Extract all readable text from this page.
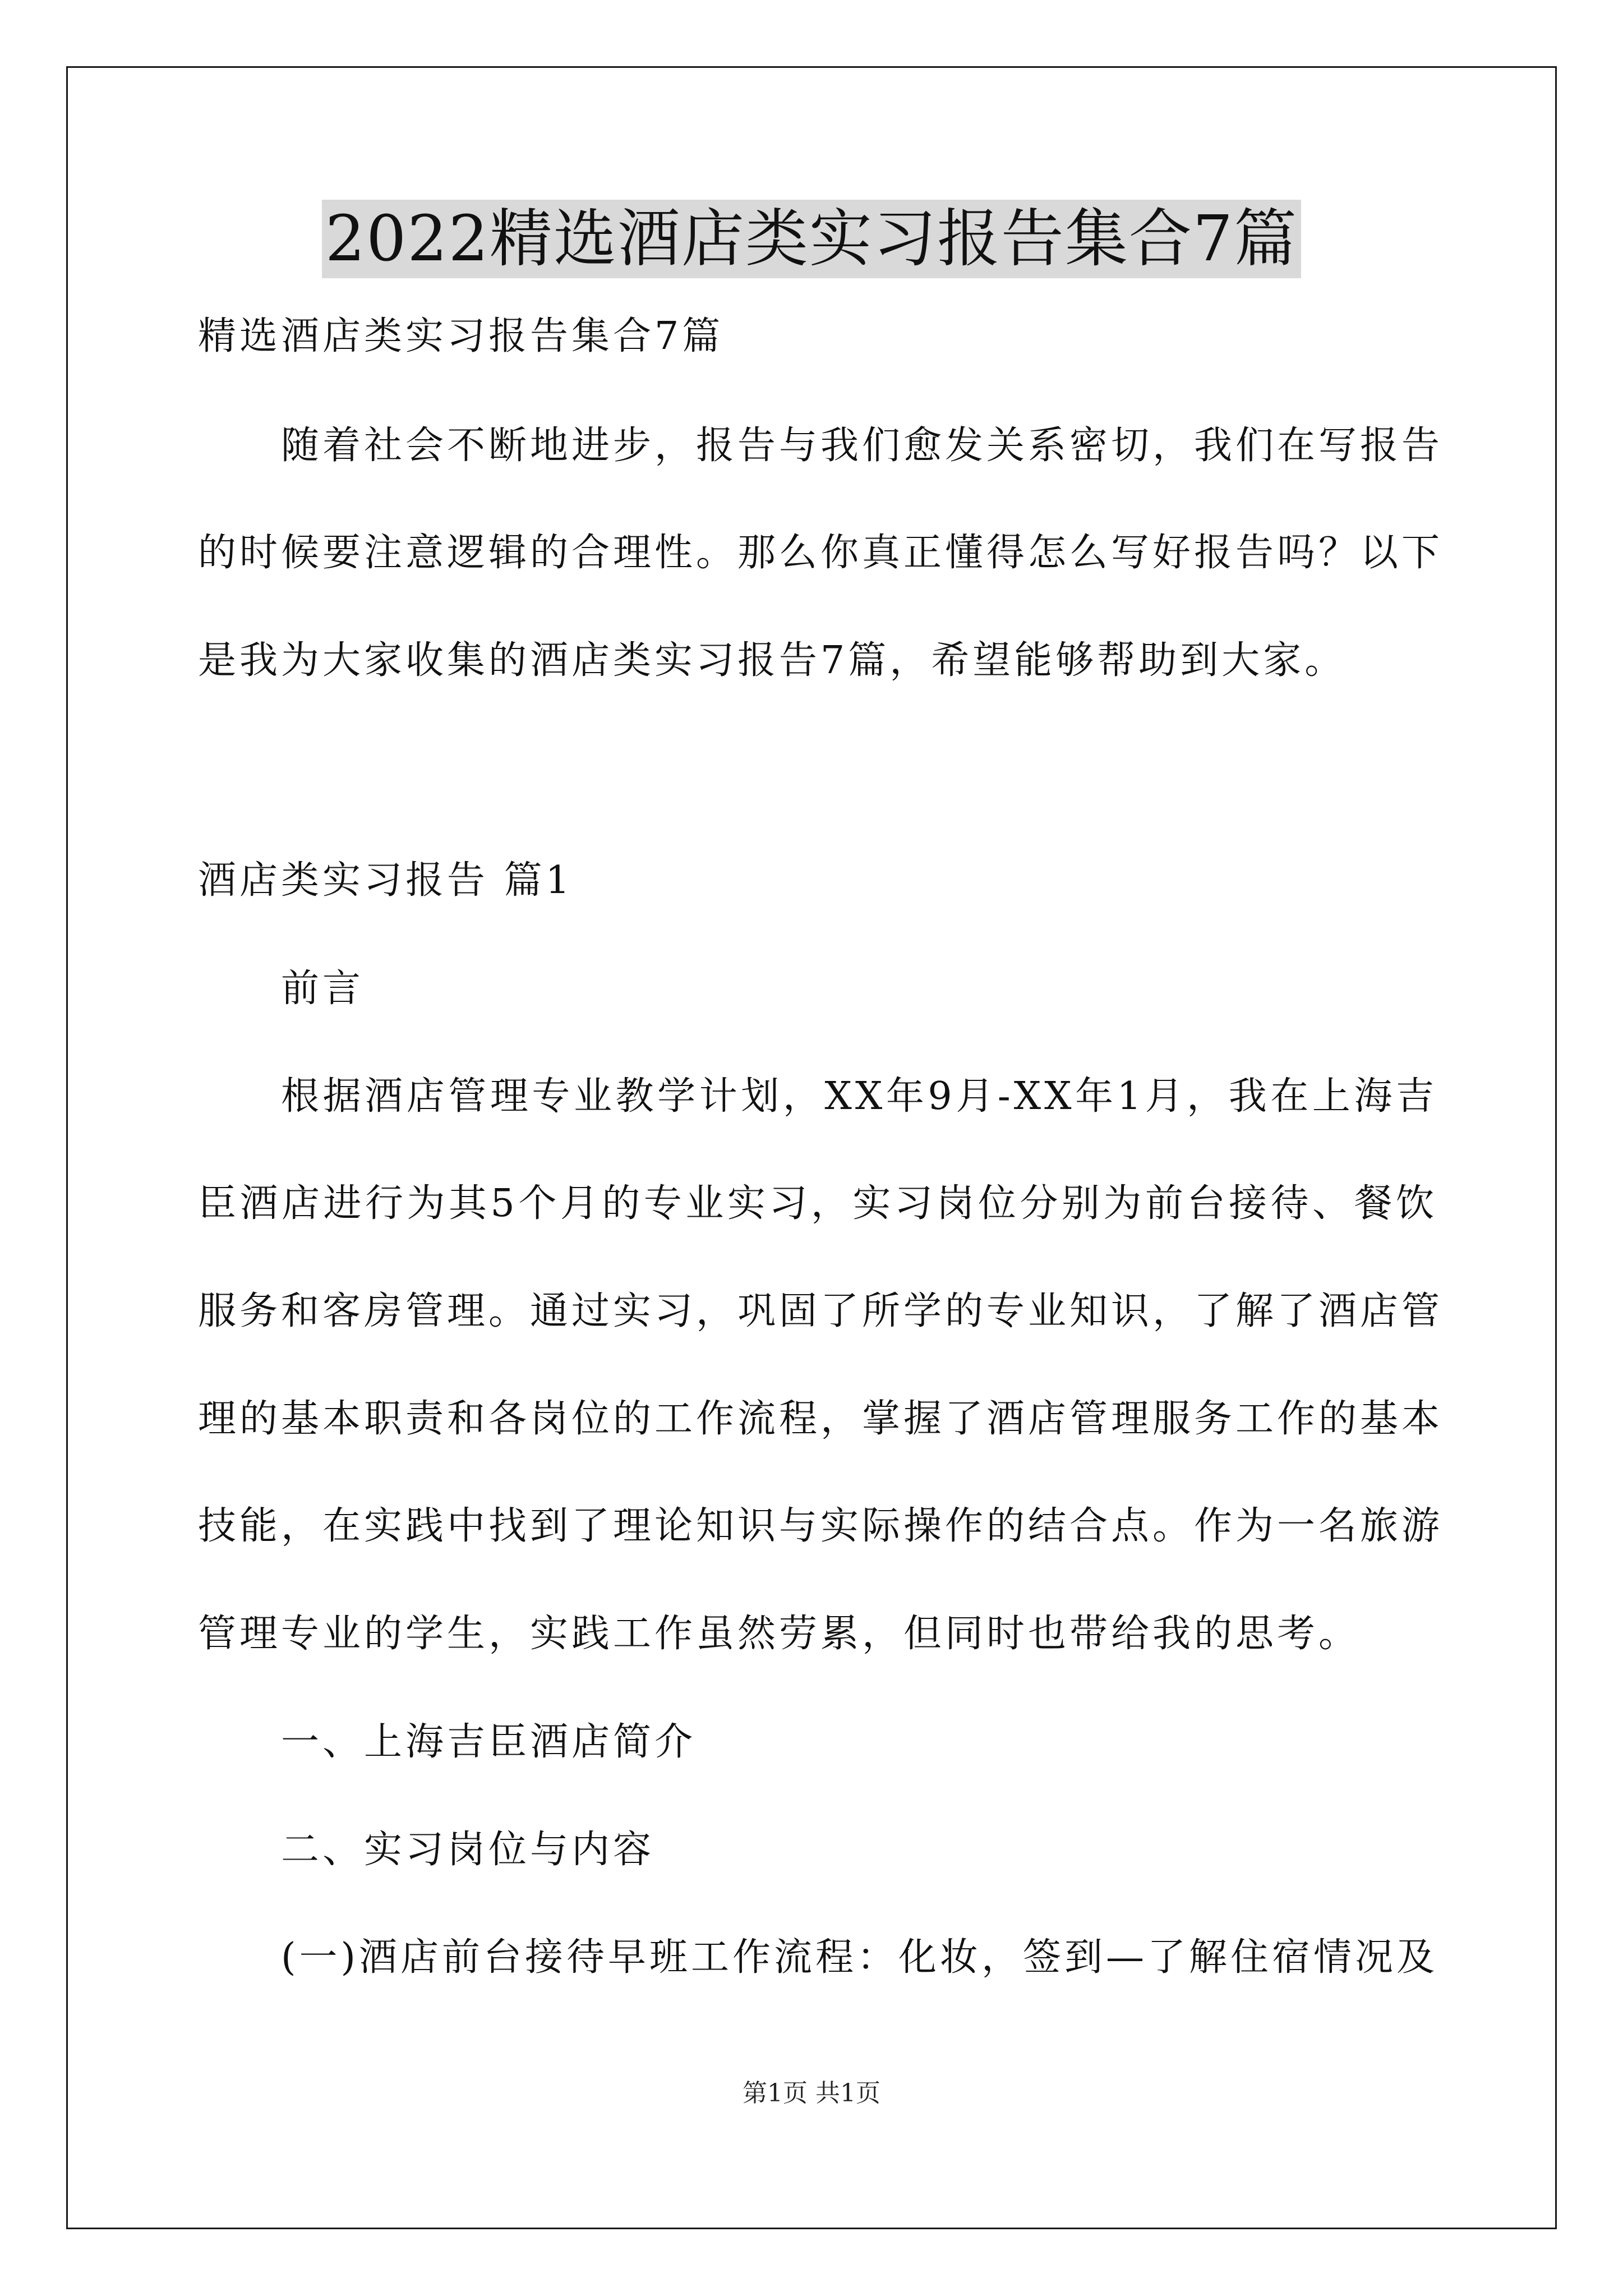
2022精选酒店类实习报告集合7篇
精选酒店类实习报告集合7篇
随着社会不断地进步，报告与我们愈发关系密切，我们在写报告
的时候要注意逻辑的合理性。那么你真正懂得怎么写好报告吗？以下
是我为大家收集的酒店类实习报告7篇，希望能够帮助到大家。
酒店类实习报告 篇1
前言
根据酒店管理专业教学计划，XX年9月-XX年1月，我在上海吉
臣酒店进行为其5个月的专业实习，实习岗位分别为前台接待、餐饮
服务和客房管理。通过实习，巩固了所学的专业知识，了解了酒店管
理的基本职责和各岗位的工作流程，掌握了酒店管理服务工作的基本
技能，在实践中找到了理论知识与实际操作的结合点。作为一名旅游
管理专业的学生，实践工作虽然劳累，但同时也带给我的思考。
一、上海吉臣酒店简介
二、实习岗位与内容
(一)酒店前台接待早班工作流程：化妆，签到—了解住宿情况及
第1页 共1页
